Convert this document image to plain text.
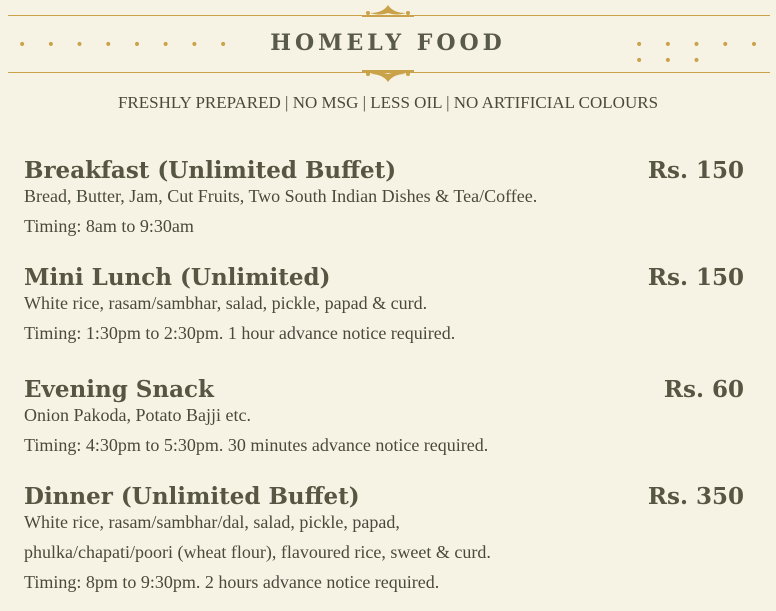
• • • • • • • •	HOMELY FOOD	• • • • • • • •
FRESHLY PREPARED | NO MSG | LESS OIL | NO ARTIFICIAL COLOURS
Breakfast (Unlimited Buffet)	Rs. 150
Bread, Butter, Jam, Cut Fruits, Two South Indian Dishes & Tea/Coffee.
Timing: 8am to 9:30am
Mini Lunch (Unlimited)	Rs. 150
White rice, rasam/sambhar, salad, pickle, papad & curd.
Timing: 1:30pm to 2:30pm. 1 hour advance notice required.
Evening Snack	Rs. 60
Onion Pakoda, Potato Bajji etc.
Timing: 4:30pm to 5:30pm. 30 minutes advance notice required.
Dinner (Unlimited Buffet)	Rs. 350
White rice, rasam/sambhar/dal, salad, pickle, papad,
phulka/chapati/poori (wheat flour), flavoured rice, sweet & curd.
Timing: 8pm to 9:30pm. 2 hours advance notice required.
